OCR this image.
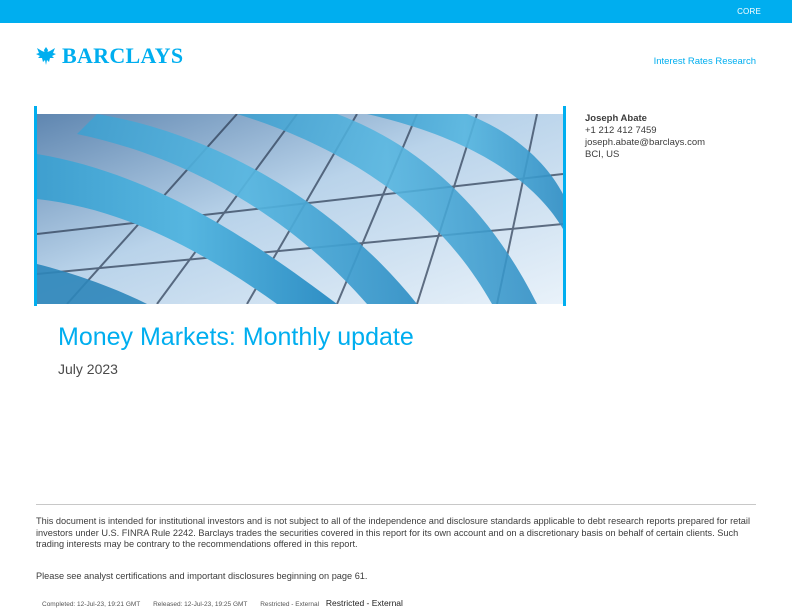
CORE
BARCLAYS	Interest Rates Research
Joseph Abate
+1 212 412 7459
joseph.abate@barclays.com
BCI, US
Money Markets: Monthly update
July 2023

This document is intended for institutional investors and is not subject to all of the independence and disclosure standards applicable to debt research reports prepared for retail investors under U.S. FINRA Rule 2242. Barclays trades the securities covered in this report for its own account and on a discretionary basis on behalf of certain clients. Such trading interests may be contrary to the recommendations offered in this report.

Please see analyst certifications and important disclosures beginning on page 61.

Completed: 12-Jul-23, 19:21 GMT Released: 12-Jul-23, 19:25 GMT Restricted - External Restricted - External
